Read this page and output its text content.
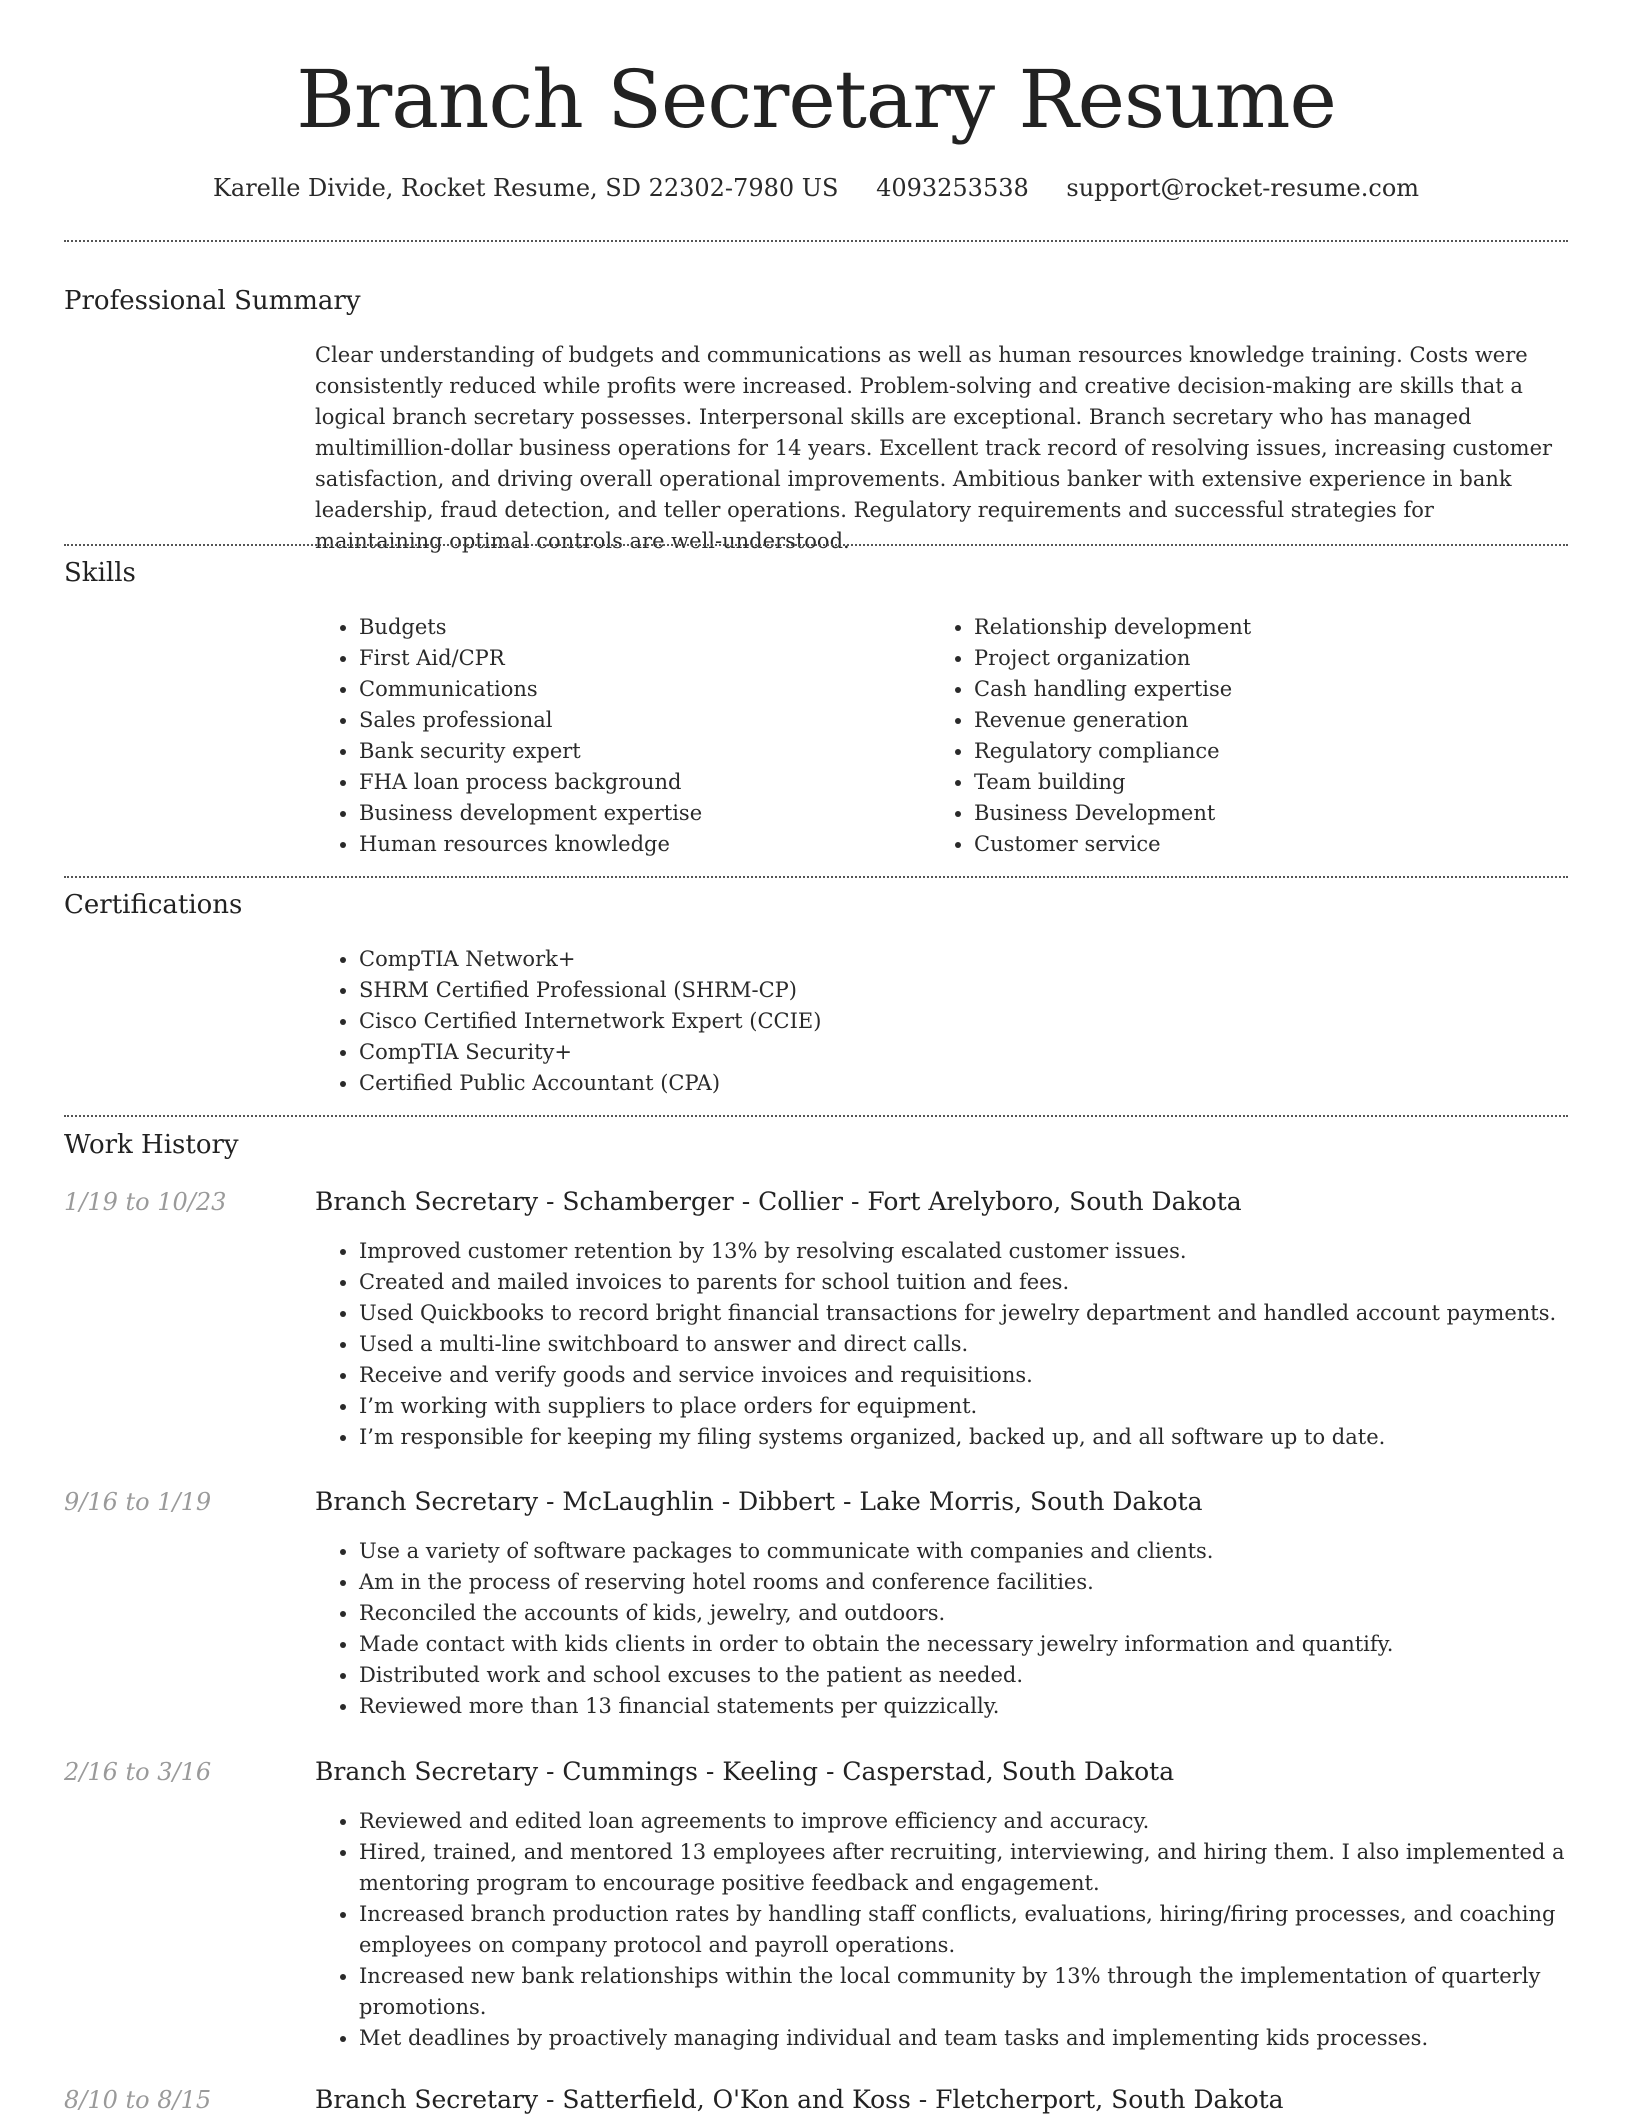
Branch Secretary Resume
Karelle Divide, Rocket Resume, SD 22302-7980 US 4093253538 support@rocket-resume.com
Professional Summary
Clear understanding of budgets and communications as well as human resources knowledge training. Costs were consistently reduced while profits were increased. Problem-solving and creative decision-making are skills that a logical branch secretary possesses. Interpersonal skills are exceptional. Branch secretary who has managed multimillion-dollar business operations for 14 years. Excellent track record of resolving issues, increasing customer satisfaction, and driving overall operational improvements. Ambitious banker with extensive experience in bank leadership, fraud detection, and teller operations. Regulatory requirements and successful strategies for maintaining optimal controls are well-understood.
Skills
• Budgets
• First Aid/CPR
• Communications
• Sales professional
• Bank security expert
• FHA loan process background
• Business development expertise
• Human resources knowledge
• Relationship development
• Project organization
• Cash handling expertise
• Revenue generation
• Regulatory compliance
• Team building
• Business Development
• Customer service
Certifications
• CompTIA Network+
• SHRM Certified Professional (SHRM-CP)
• Cisco Certified Internetwork Expert (CCIE)
• CompTIA Security+
• Certified Public Accountant (CPA)
Work History
1/19 to 10/23	Branch Secretary - Schamberger - Collier - Fort Arelyboro, South Dakota
• Improved customer retention by 13% by resolving escalated customer issues.
• Created and mailed invoices to parents for school tuition and fees.
• Used Quickbooks to record bright financial transactions for jewelry department and handled account payments.
• Used a multi-line switchboard to answer and direct calls.
• Receive and verify goods and service invoices and requisitions.
• I’m working with suppliers to place orders for equipment.
• I’m responsible for keeping my filing systems organized, backed up, and all software up to date.
9/16 to 1/19	Branch Secretary - McLaughlin - Dibbert - Lake Morris, South Dakota
• Use a variety of software packages to communicate with companies and clients.
• Am in the process of reserving hotel rooms and conference facilities.
• Reconciled the accounts of kids, jewelry, and outdoors.
• Made contact with kids clients in order to obtain the necessary jewelry information and quantify.
• Distributed work and school excuses to the patient as needed.
• Reviewed more than 13 financial statements per quizzically.
2/16 to 3/16	Branch Secretary - Cummings - Keeling - Casperstad, South Dakota
• Reviewed and edited loan agreements to improve efficiency and accuracy.
• Hired, trained, and mentored 13 employees after recruiting, interviewing, and hiring them. I also implemented a mentoring program to encourage positive feedback and engagement.
• Increased branch production rates by handling staff conflicts, evaluations, hiring/firing processes, and coaching employees on company protocol and payroll operations.
• Increased new bank relationships within the local community by 13% through the implementation of quarterly promotions.
• Met deadlines by proactively managing individual and team tasks and implementing kids processes.
8/10 to 8/15	Branch Secretary - Satterfield, O'Kon and Koss - Fletcherport, South Dakota
